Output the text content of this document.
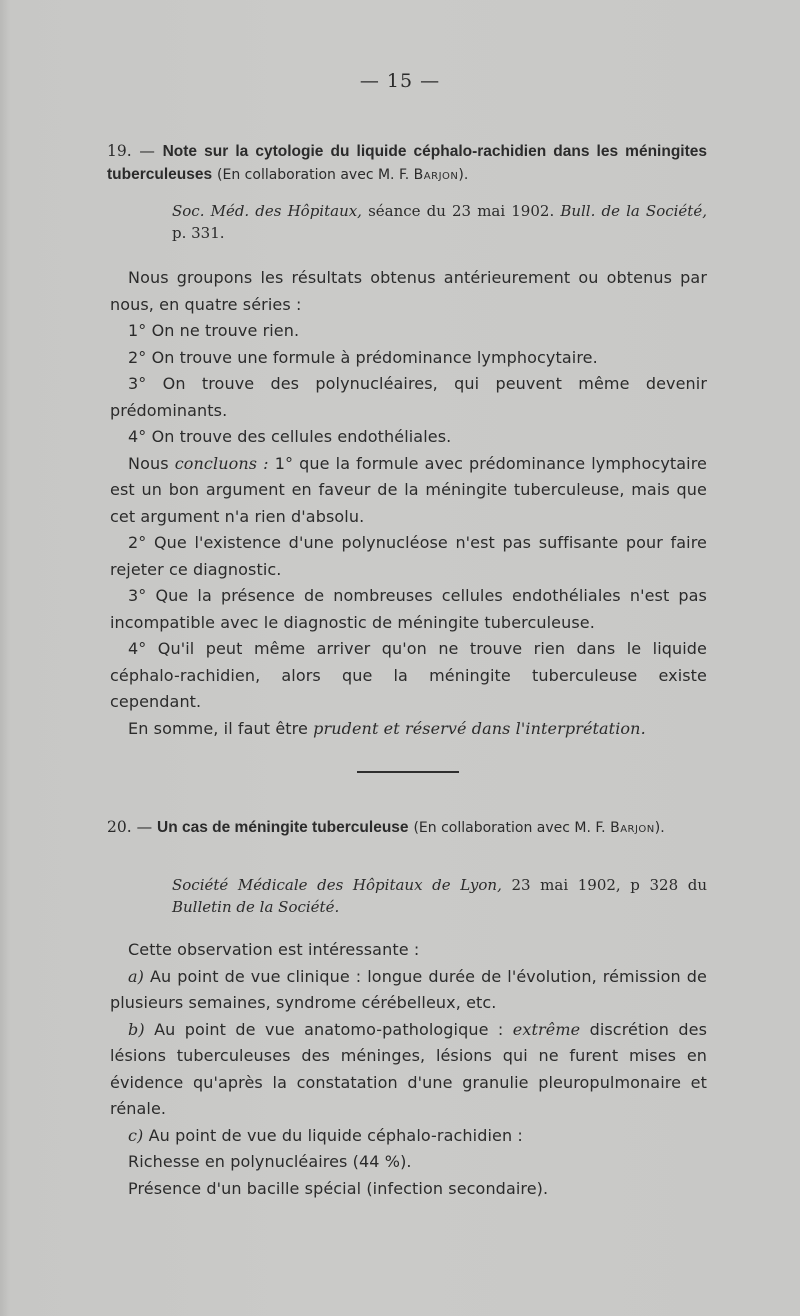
— 15 —
19. — Note sur la cytologie du liquide céphalo-rachidien dans les méningites tuberculeuses (En collaboration avec M. F. Barjon).
Soc. Méd. des Hôpitaux, séance du 23 mai 1902. Bull. de la Société, p. 331.

Nous groupons les résultats obtenus antérieurement ou obtenus par nous, en quatre séries :

1° On ne trouve rien.

2° On trouve une formule à prédominance lymphocytaire.

3° On trouve des polynucléaires, qui peuvent même devenir prédominants.

4° On trouve des cellules endothéliales.

Nous concluons : 1° que la formule avec prédominance lymphocytaire est un bon argument en faveur de la méningite tuberculeuse, mais que cet argument n'a rien d'absolu.

2° Que l'existence d'une polynucléose n'est pas suffisante pour faire rejeter ce diagnostic.

3° Que la présence de nombreuses cellules endothéliales n'est pas incompatible avec le diagnostic de méningite tuberculeuse.

4° Qu'il peut même arriver qu'on ne trouve rien dans le liquide céphalo-rachidien, alors que la méningite tuberculeuse existe cependant.

En somme, il faut être prudent et réservé dans l'interprétation.

20. — Un cas de méningite tuberculeuse (En collaboration avec M. F. Barjon).
Société Médicale des Hôpitaux de Lyon, 23 mai 1902, p 328 du Bulletin de la Société.

Cette observation est intéressante :

a) Au point de vue clinique : longue durée de l'évolution, rémission de plusieurs semaines, syndrome cérébelleux, etc.

b) Au point de vue anatomo-pathologique : extrême discrétion des lésions tuberculeuses des méninges, lésions qui ne furent mises en évidence qu'après la constatation d'une granulie pleuropulmonaire et rénale.

c) Au point de vue du liquide céphalo-rachidien :

Richesse en polynucléaires (44 %).

Présence d'un bacille spécial (infection secondaire).
